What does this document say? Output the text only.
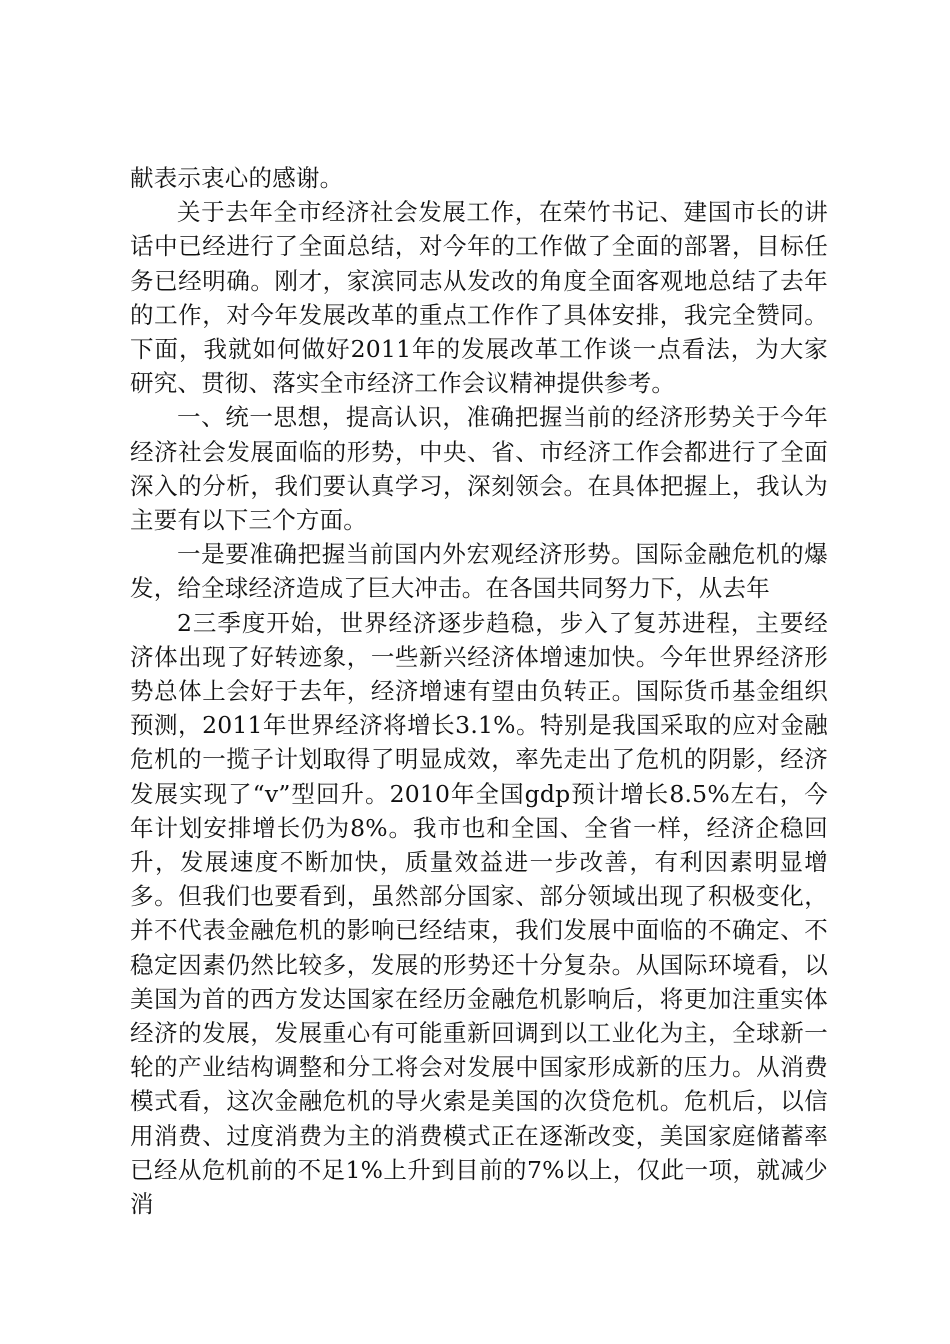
献表示衷心的感谢。

关于去年全市经济社会发展工作，在荣竹书记、建国市长的讲话中已经进行了全面总结，对今年的工作做了全面的部署，目标任务已经明确。刚才，家滨同志从发改的角度全面客观地总结了去年的工作，对今年发展改革的重点工作作了具体安排，我完全赞同。下面，我就如何做好2011年的发展改革工作谈一点看法，为大家研究、贯彻、落实全市经济工作会议精神提供参考。

一、统一思想，提高认识，准确把握当前的经济形势关于今年经济社会发展面临的形势，中央、省、市经济工作会都进行了全面深入的分析，我们要认真学习，深刻领会。在具体把握上，我认为主要有以下三个方面。

一是要准确把握当前国内外宏观经济形势。国际金融危机的爆发，给全球经济造成了巨大冲击。在各国共同努力下，从去年

2三季度开始，世界经济逐步趋稳，步入了复苏进程，主要经济体出现了好转迹象，一些新兴经济体增速加快。今年世界经济形势总体上会好于去年，经济增速有望由负转正。国际货币基金组织预测，2011年世界经济将增长3.1%。特别是我国采取的应对金融危机的一揽子计划取得了明显成效，率先走出了危机的阴影，经济发展实现了“v”型回升。2010年全国gdp预计增长8.5%左右，今年计划安排增长仍为8%。我市也和全国、全省一样，经济企稳回升，发展速度不断加快，质量效益进一步改善，有利因素明显增多。但我们也要看到，虽然部分国家、部分领域出现了积极变化，并不代表金融危机的影响已经结束，我们发展中面临的不确定、不稳定因素仍然比较多，发展的形势还十分复杂。从国际环境看，以美国为首的西方发达国家在经历金融危机影响后，将更加注重实体经济的发展，发展重心有可能重新回调到以工业化为主，全球新一轮的产业结构调整和分工将会对发展中国家形成新的压力。从消费模式看，这次金融危机的导火索是美国的次贷危机。危机后，以信用消费、过度消费为主的消费模式正在逐渐改变，美国家庭储蓄率已经从危机前的不足1%上升到目前的7%以上，仅此一项，就减少消
